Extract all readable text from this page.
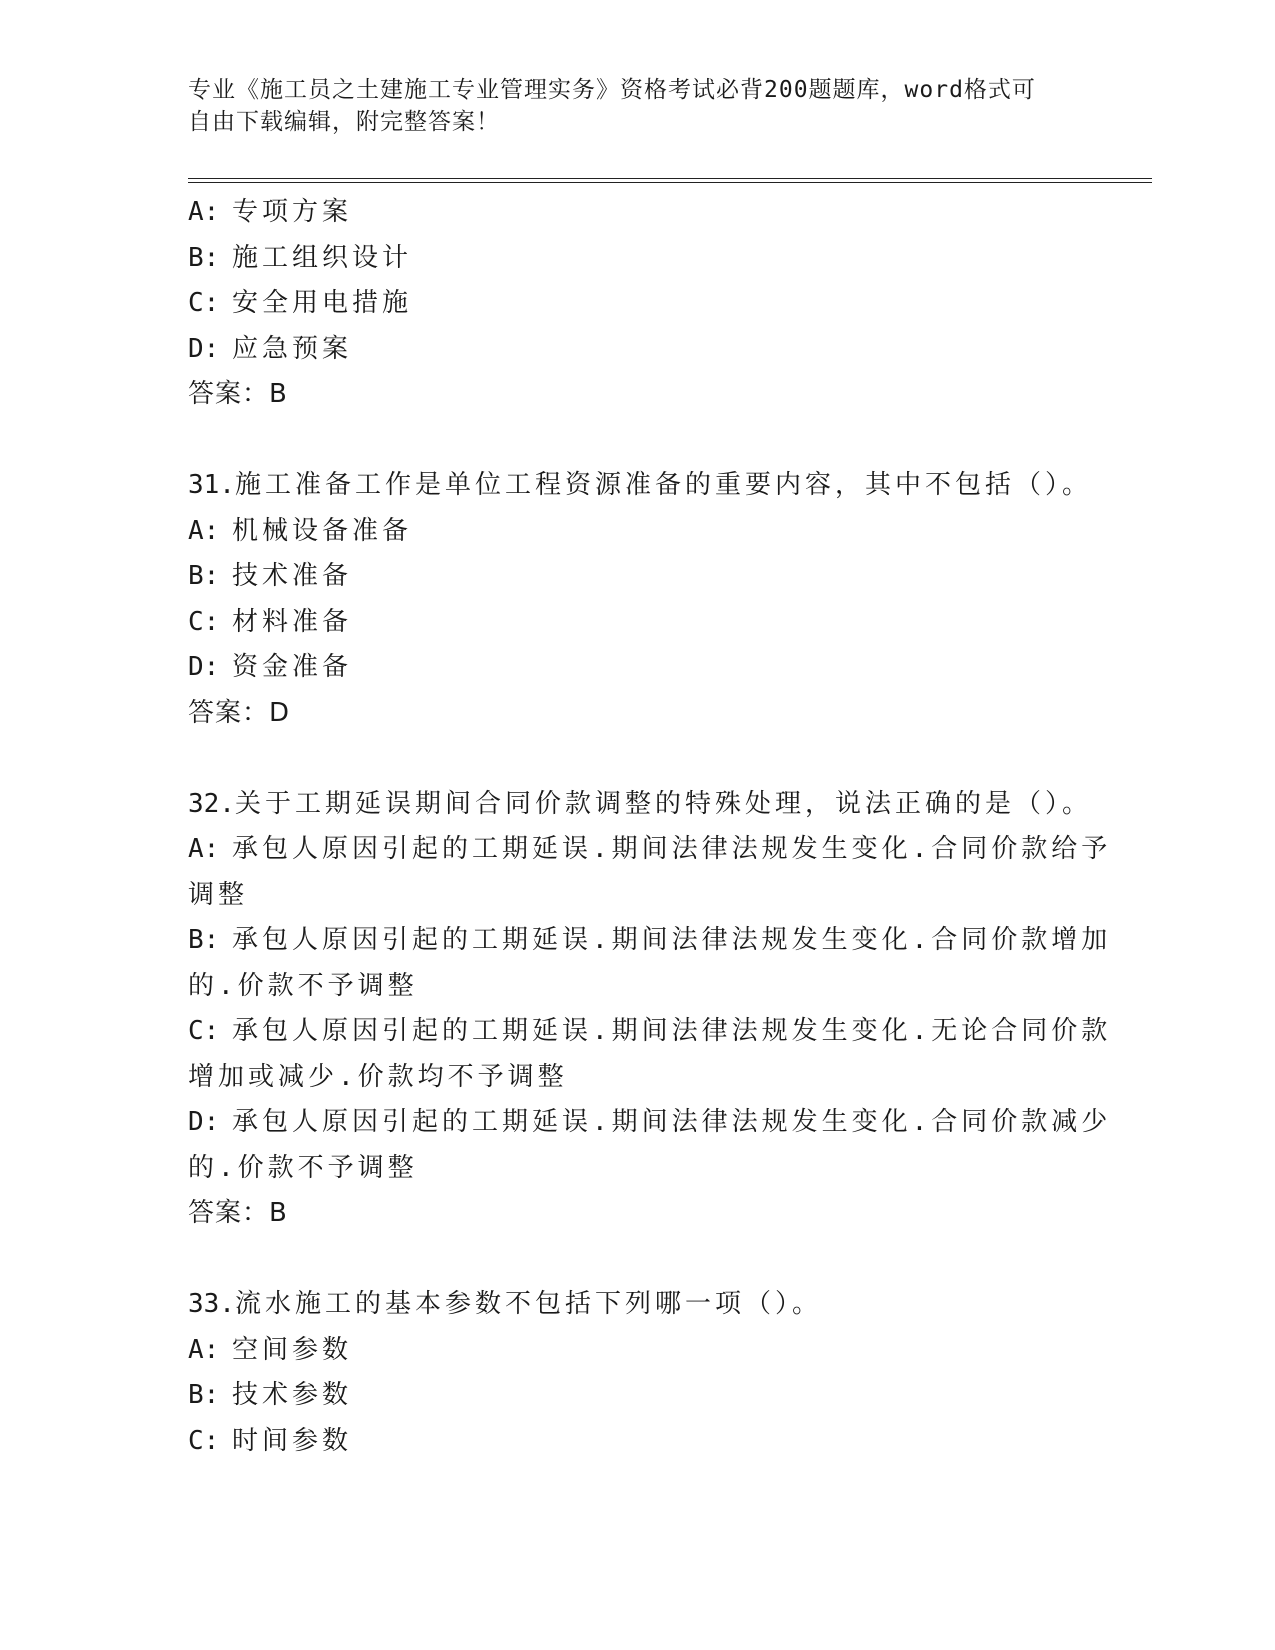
专业《施工员之土建施工专业管理实务》资格考试必背200题题库，word格式可
自由下载编辑，附完整答案！
A: 专项方案
B: 施工组织设计
C: 安全用电措施
D: 应急预案
答案：B
31.施工准备工作是单位工程资源准备的重要内容，其中不包括（）。
A: 机械设备准备
B: 技术准备
C: 材料准备
D: 资金准备
答案：D
32.关于工期延误期间合同价款调整的特殊处理，说法正确的是（）。
A: 承包人原因引起的工期延误.期间法律法规发生变化.合同价款给予
调整
B: 承包人原因引起的工期延误.期间法律法规发生变化.合同价款增加
的.价款不予调整
C: 承包人原因引起的工期延误.期间法律法规发生变化.无论合同价款
增加或减少.价款均不予调整
D: 承包人原因引起的工期延误.期间法律法规发生变化.合同价款减少
的.价款不予调整
答案：B
33.流水施工的基本参数不包括下列哪一项（）。
A: 空间参数
B: 技术参数
C: 时间参数
